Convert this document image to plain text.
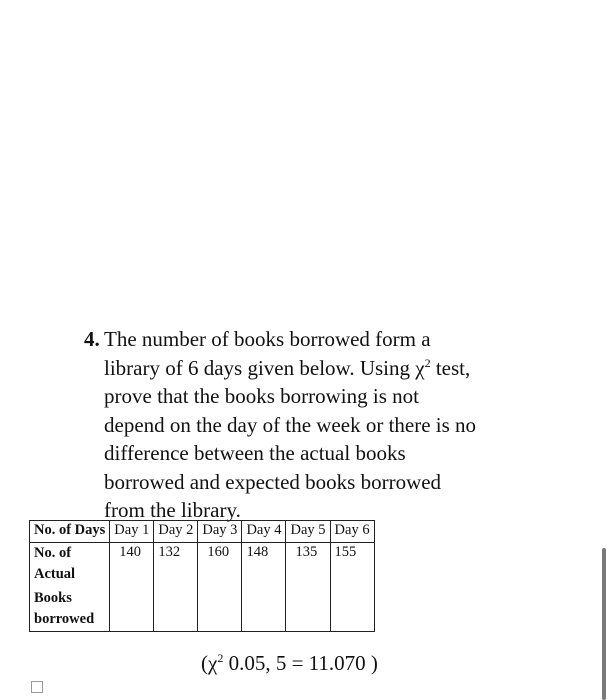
4. The number of books borrowed form a
library of 6 days given below. Using $\chi^2$ test,
prove that the books borrowing is not
depend on the day of the week or there is no
difference between the actual books
borrowed and expected books borrowed
from the library.
No. of Days	Day 1	Day 2	Day 3	Day 4	Day 5	Day 6
No. of
Actual
Books
borrowed	140	132	160	148	135	155
($\chi^2$ 0.05, 5 = 11.070 )
